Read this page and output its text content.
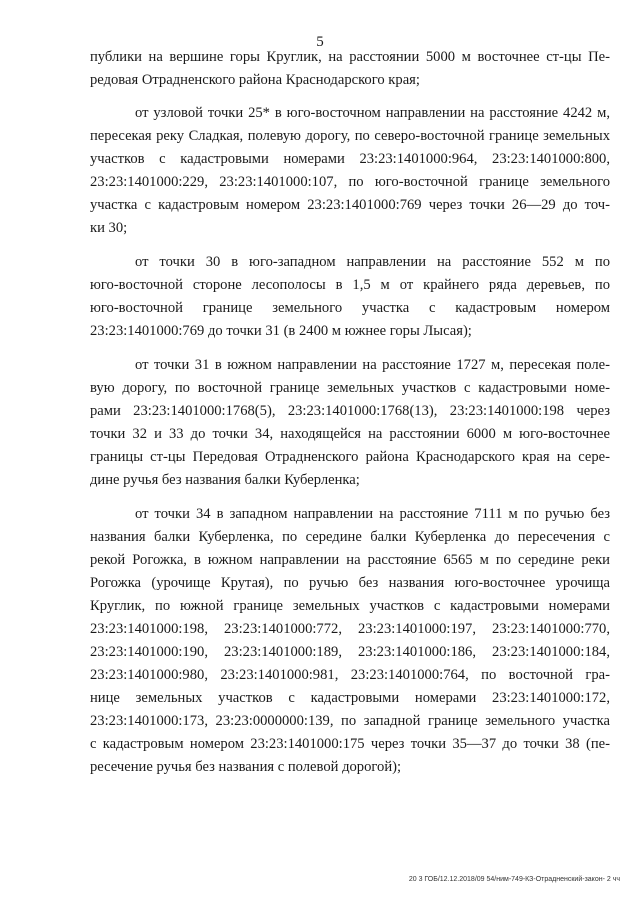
5
публики на вершине горы Круглик, на расстоянии 5000 м восточнее ст-цы Пе-
редовая Отрадненского района Краснодарского края;
от узловой точки 25* в юго-восточном направлении на расстояние 4242 м,
пересекая реку Сладкая, полевую дорогу, по северо-восточной границе земельных
участков с кадастровыми номерами 23:23:1401000:964, 23:23:1401000:800,
23:23:1401000:229, 23:23:1401000:107, по юго-восточной границе земельного
участка с кадастровым номером 23:23:1401000:769 через точки 26—29 до точ-
ки 30;
от точки 30 в юго-западном направлении на расстояние 552 м по
юго-восточной стороне лесополосы в 1,5 м от крайнего ряда деревьев, по
юго-восточной границе земельного участка с кадастровым номером
23:23:1401000:769 до точки 31 (в 2400 м южнее горы Лысая);
от точки 31 в южном направлении на расстояние 1727 м, пересекая поле-
вую дорогу, по восточной границе земельных участков с кадастровыми номе-
рами 23:23:1401000:1768(5), 23:23:1401000:1768(13), 23:23:1401000:198 через
точки 32 и 33 до точки 34, находящейся на расстоянии 6000 м юго-восточнее
границы ст-цы Передовая Отрадненского района Краснодарского края на сере-
дине ручья без названия балки Куберленка;
от точки 34 в западном направлении на расстояние 7111 м по ручью без
названия балки Куберленка, по середине балки Куберленка до пересечения с
рекой Рогожка, в южном направлении на расстояние 6565 м по середине реки
Рогожка (урочище Крутая), по ручью без названия юго-восточнее урочища
Круглик, по южной границе земельных участков с кадастровыми номерами
23:23:1401000:198, 23:23:1401000:772, 23:23:1401000:197, 23:23:1401000:770,
23:23:1401000:190, 23:23:1401000:189, 23:23:1401000:186, 23:23:1401000:184,
23:23:1401000:980, 23:23:1401000:981, 23:23:1401000:764, по восточной гра-
нице земельных участков с кадастровыми номерами 23:23:1401000:172,
23:23:1401000:173, 23:23:0000000:139, по западной границе земельного участка
с кадастровым номером 23:23:1401000:175 через точки 35—37 до точки 38 (пе-
ресечение ручья без названия с полевой дорогой);
20 3 ГОБ/12.12.2018/09 54/ним-749-КЗ-Отрадненский-закон- 2 чч
